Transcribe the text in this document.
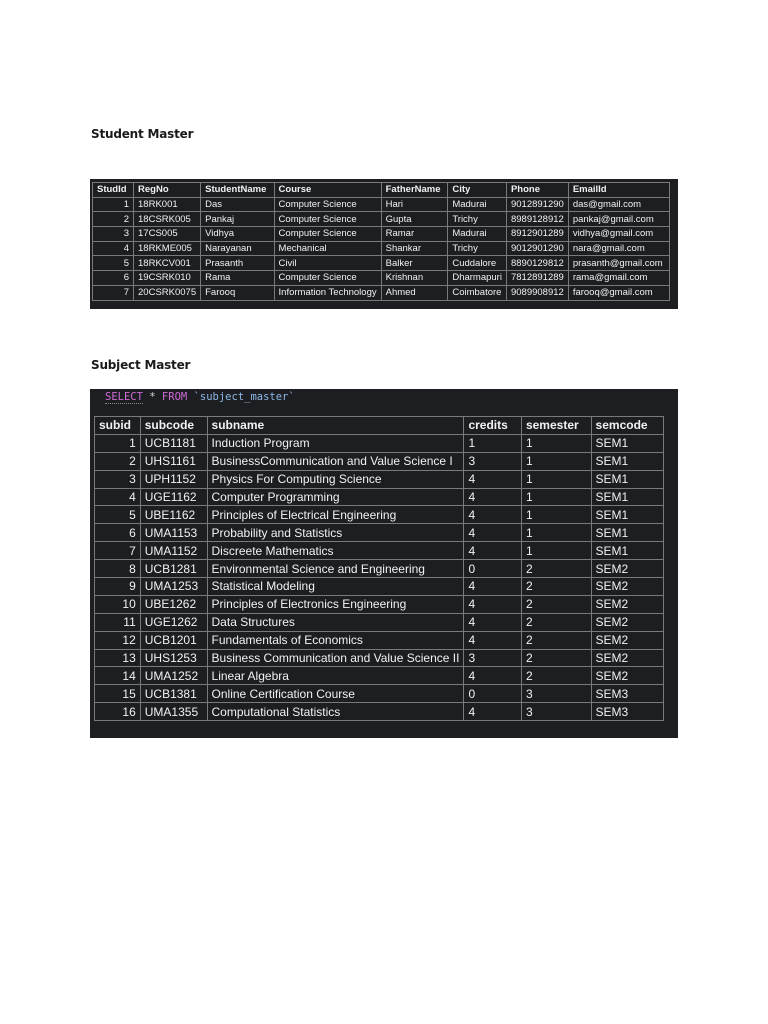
Student Master
StudId	RegNo	StudentName	Course	FatherName	City	Phone	EmailId
1	18RK001	Das	Computer Science	Hari	Madurai	9012891290	das@gmail.com
2	18CSRK005	Pankaj	Computer Science	Gupta	Trichy	8989128912	pankaj@gmail.com
3	17CS005	Vidhya	Computer Science	Ramar	Madurai	8912901289	vidhya@gmail.com
4	18RKME005	Narayanan	Mechanical	Shankar	Trichy	9012901290	nara@gmail.com
5	18RKCV001	Prasanth	Civil	Balker	Cuddalore	8890129812	prasanth@gmail.com
6	19CSRK010	Rama	Computer Science	Krishnan	Dharmapuri	7812891289	rama@gmail.com
7	20CSRK0075	Farooq	Information Technology	Ahmed	Coimbatore	9089908912	farooq@gmail.com
Subject Master
SELECT * FROM `subject_master`
subid	subcode	subname	credits	semester	semcode
1	UCB1181	Induction Program	1	1	SEM1
2	UHS1161	BusinessCommunication and Value Science I	3	1	SEM1
3	UPH1152	Physics For Computing Science	4	1	SEM1
4	UGE1162	Computer Programming	4	1	SEM1
5	UBE1162	Principles of Electrical Engineering	4	1	SEM1
6	UMA1153	Probability and Statistics	4	1	SEM1
7	UMA1152	Discreete Mathematics	4	1	SEM1
8	UCB1281	Environmental Science and Engineering	0	2	SEM2
9	UMA1253	Statistical Modeling	4	2	SEM2
10	UBE1262	Principles of Electronics Engineering	4	2	SEM2
11	UGE1262	Data Structures	4	2	SEM2
12	UCB1201	Fundamentals of Economics	4	2	SEM2
13	UHS1253	Business Communication and Value Science II	3	2	SEM2
14	UMA1252	Linear Algebra	4	2	SEM2
15	UCB1381	Online Certification Course	0	3	SEM3
16	UMA1355	Computational Statistics	4	3	SEM3
